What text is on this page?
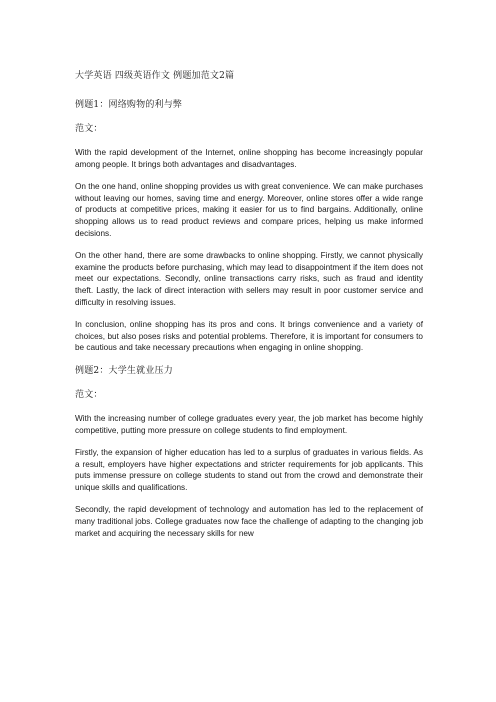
大学英语 四级英语作文 例题加范文2篇

例题1：网络购物的利与弊

范文：

With the rapid development of the Internet, online shopping has become increasingly popular among people. It brings both advantages and disadvantages.

On the one hand, online shopping provides us with great convenience. We can make purchases without leaving our homes, saving time and energy. Moreover, online stores offer a wide range of products at competitive prices, making it easier for us to find bargains. Additionally, online shopping allows us to read product reviews and compare prices, helping us make informed decisions.

On the other hand, there are some drawbacks to online shopping. Firstly, we cannot physically examine the products before purchasing, which may lead to disappointment if the item does not meet our expectations. Secondly, online transactions carry risks, such as fraud and identity theft. Lastly, the lack of direct interaction with sellers may result in poor customer service and difficulty in resolving issues.

In conclusion, online shopping has its pros and cons. It brings convenience and a variety of choices, but also poses risks and potential problems. Therefore, it is important for consumers to be cautious and take necessary precautions when engaging in online shopping.

例题2：大学生就业压力

范文：

With the increasing number of college graduates every year, the job market has become highly competitive, putting more pressure on college students to find employment.

Firstly, the expansion of higher education has led to a surplus of graduates in various fields. As a result, employers have higher expectations and stricter requirements for job applicants. This puts immense pressure on college students to stand out from the crowd and demonstrate their unique skills and qualifications.

Secondly, the rapid development of technology and automation has led to the replacement of many traditional jobs. College graduates now face the challenge of adapting to the changing job market and acquiring the necessary skills for new
